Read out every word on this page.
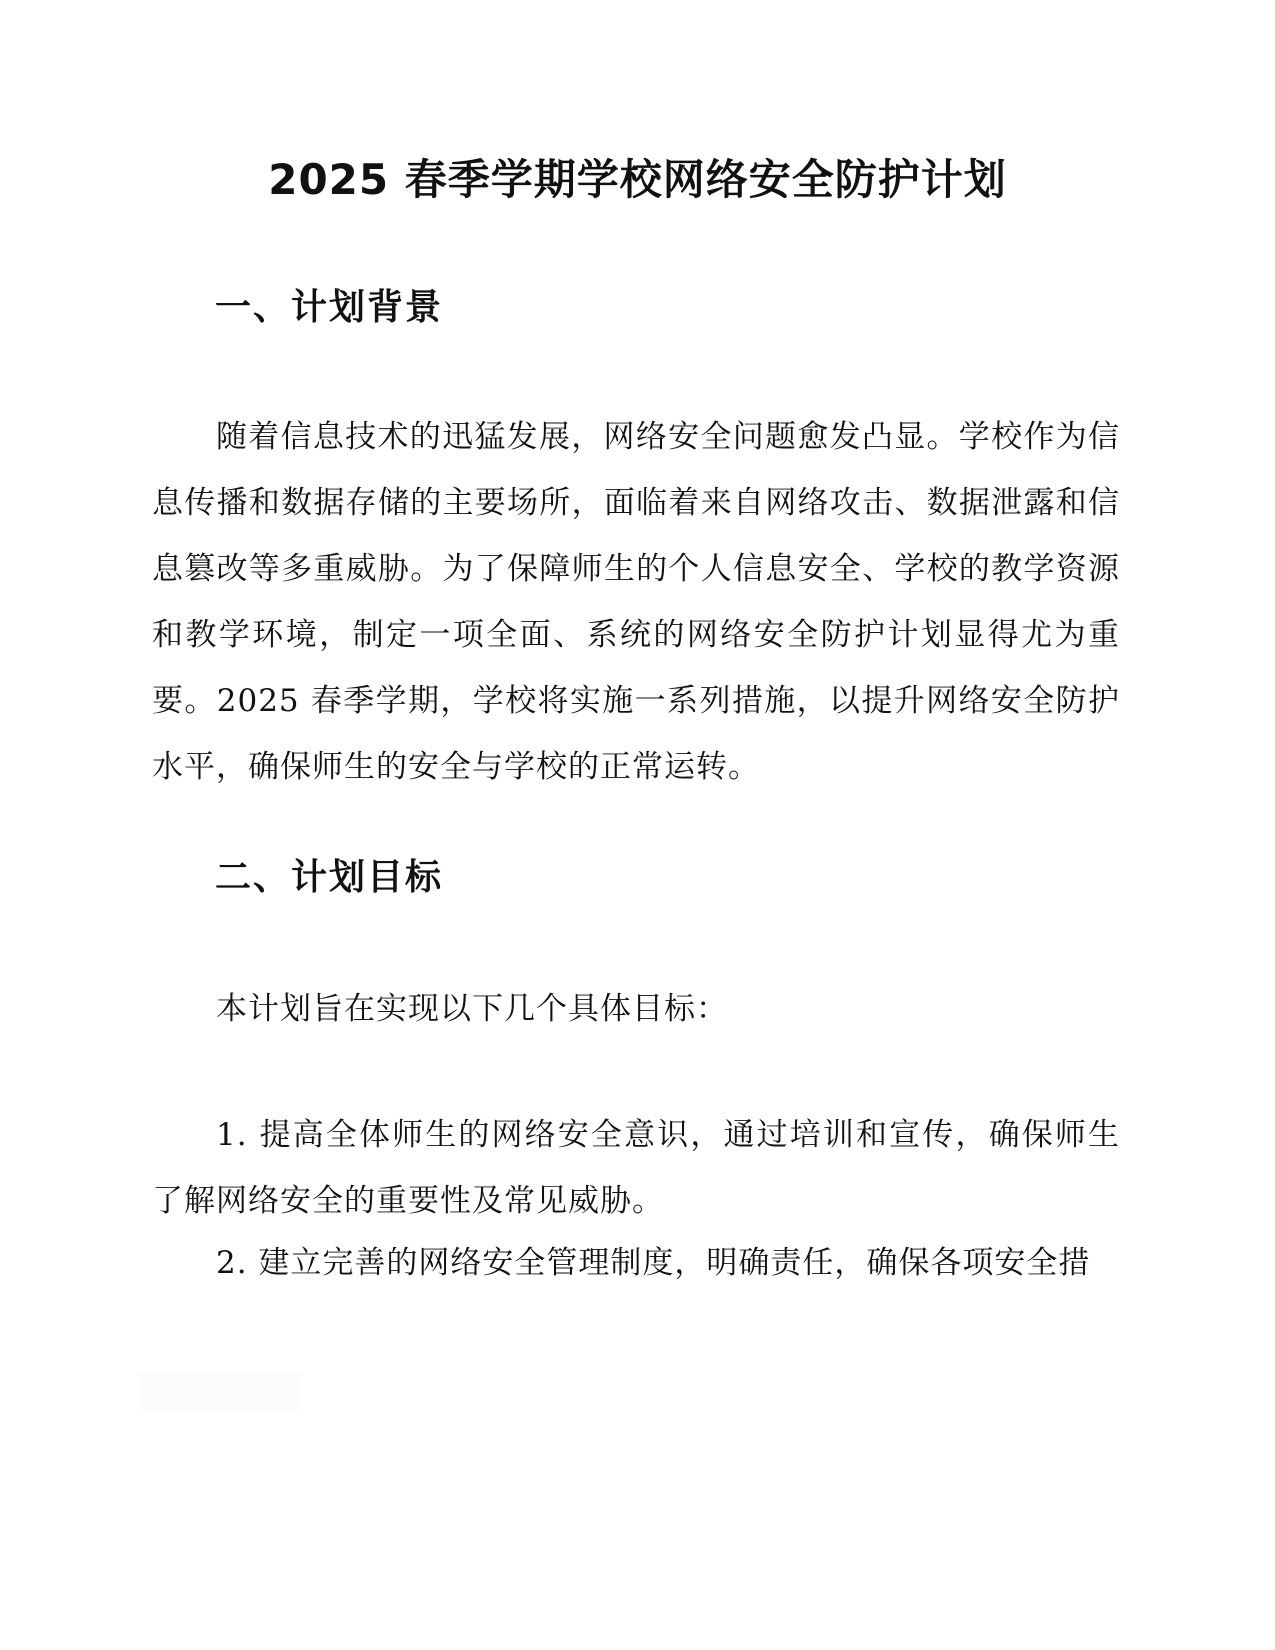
2025 春季学期学校网络安全防护计划
一、计划背景

随着信息技术的迅猛发展，网络安全问题愈发凸显。学校作为信息传播和数据存储的主要场所，面临着来自网络攻击、数据泄露和信息篡改等多重威胁。为了保障师生的个人信息安全、学校的教学资源和教学环境，制定一项全面、系统的网络安全防护计划显得尤为重要。2025 春季学期，学校将实施一系列措施，以提升网络安全防护水平，确保师生的安全与学校的正常运转。

二、计划目标

本计划旨在实现以下几个具体目标：

1. 提高全体师生的网络安全意识，通过培训和宣传，确保师生了解网络安全的重要性及常见威胁。

2. 建立完善的网络安全管理制度，明确责任，确保各项安全措
